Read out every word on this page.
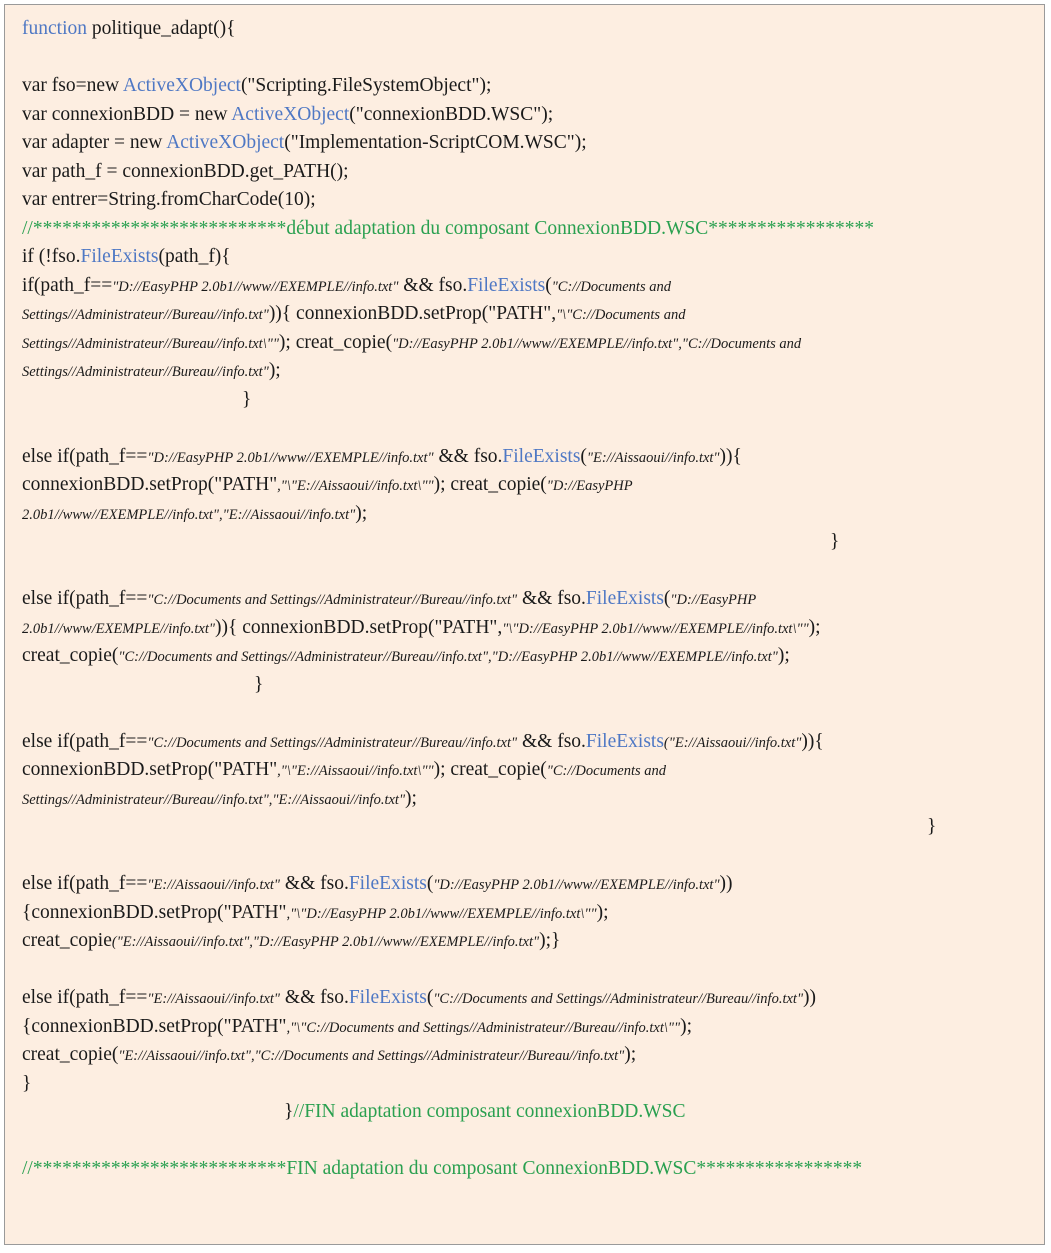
function politique_adapt(){
var fso=new ActiveXObject("Scripting.FileSystemObject");
var connexionBDD = new ActiveXObject("connexionBDD.WSC");
var adapter = new ActiveXObject("Implementation-ScriptCOM.WSC");
var path_f = connexionBDD.get_PATH();
var entrer=String.fromCharCode(10);
//**************************début adaptation du composant ConnexionBDD.WSC*****************
if (!fso.FileExists(path_f){
if(path_f=="D://EasyPHP 2.0b1//www//EXEMPLE//info.txt" && fso.FileExists("C://Documents and
Settings//Administrateur//Bureau//info.txt")){ connexionBDD.setProp("PATH","\"C://Documents and
Settings//Administrateur//Bureau//info.txt\""); creat_copie("D://EasyPHP 2.0b1//www//EXEMPLE//info.txt","C://Documents and
Settings//Administrateur//Bureau//info.txt");
}
else if(path_f=="D://EasyPHP 2.0b1//www//EXEMPLE//info.txt" && fso.FileExists("E://Aissaoui//info.txt")){
connexionBDD.setProp("PATH","\"E://Aissaoui//info.txt\""); creat_copie("D://EasyPHP
2.0b1//www//EXEMPLE//info.txt","E://Aissaoui//info.txt");
}
else if(path_f=="C://Documents and Settings//Administrateur//Bureau//info.txt" && fso.FileExists("D://EasyPHP
2.0b1//www/EXEMPLE//info.txt")){ connexionBDD.setProp("PATH","\"D://EasyPHP 2.0b1//www//EXEMPLE//info.txt\"");
creat_copie("C://Documents and Settings//Administrateur//Bureau//info.txt","D://EasyPHP 2.0b1//www//EXEMPLE//info.txt");
}
else if(path_f=="C://Documents and Settings//Administrateur//Bureau//info.txt" && fso.FileExists("E://Aissaoui//info.txt")){
connexionBDD.setProp("PATH","\"E://Aissaoui//info.txt\""); creat_copie("C://Documents and
Settings//Administrateur//Bureau//info.txt","E://Aissaoui//info.txt");
}
else if(path_f=="E://Aissaoui//info.txt" && fso.FileExists("D://EasyPHP 2.0b1//www//EXEMPLE//info.txt"))
{connexionBDD.setProp("PATH","\"D://EasyPHP 2.0b1//www//EXEMPLE//info.txt\"");
creat_copie("E://Aissaoui//info.txt","D://EasyPHP 2.0b1//www//EXEMPLE//info.txt");}
else if(path_f=="E://Aissaoui//info.txt" && fso.FileExists("C://Documents and Settings//Administrateur//Bureau//info.txt"))
{connexionBDD.setProp("PATH","\"C://Documents and Settings//Administrateur//Bureau//info.txt\"");
creat_copie("E://Aissaoui//info.txt","C://Documents and Settings//Administrateur//Bureau//info.txt");
}
}//FIN adaptation composant connexionBDD.WSC
//**************************FIN adaptation du composant ConnexionBDD.WSC*****************
